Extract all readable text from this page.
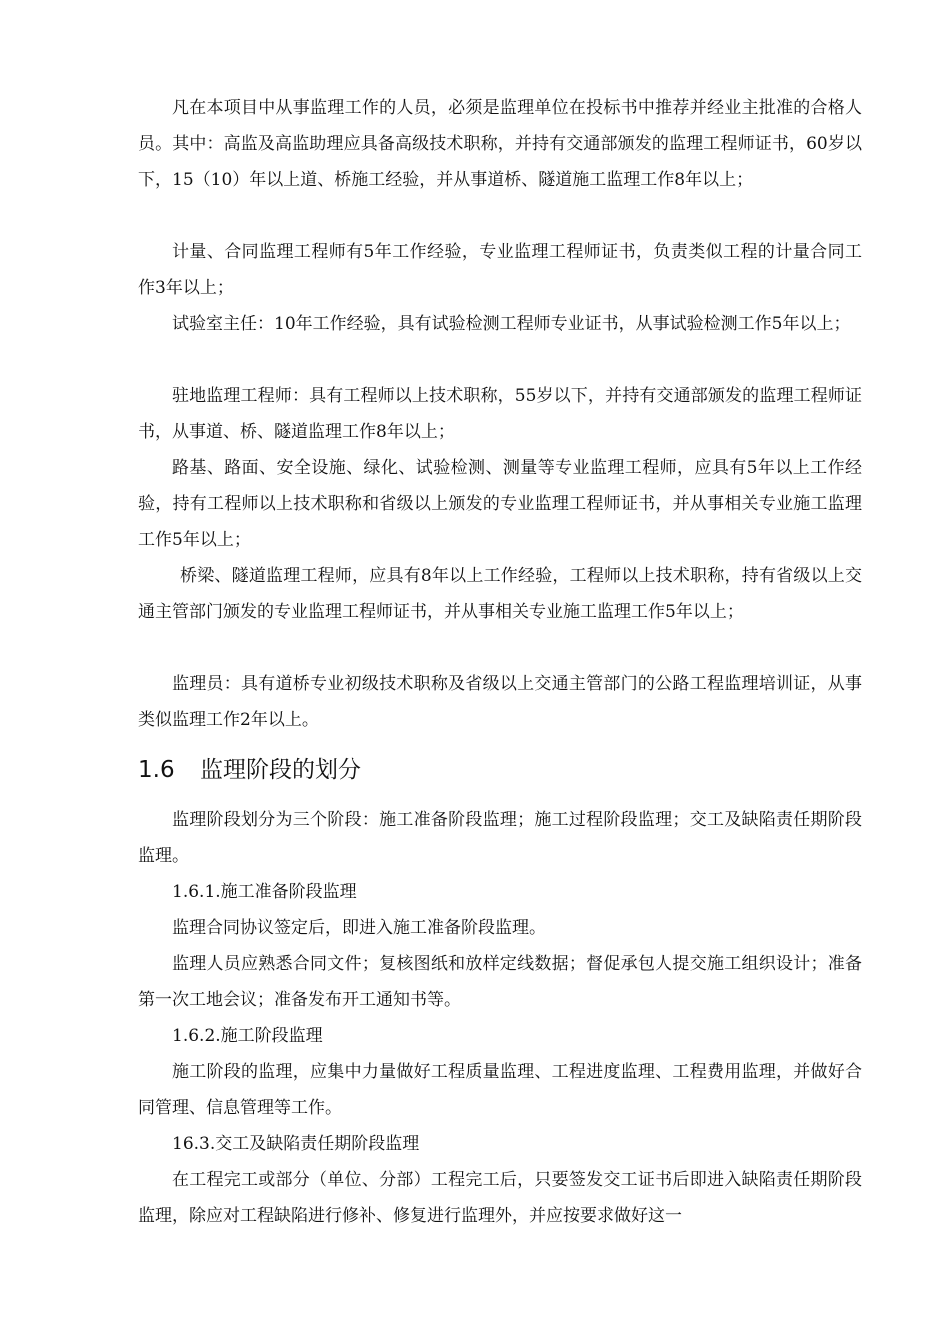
凡在本项目中从事监理工作的人员，必须是监理单位在投标书中推荐并经业主批准的合格人员。其中：高监及高监助理应具备高级技术职称，并持有交通部颁发的监理工程师证书，60岁以下，15（10）年以上道、桥施工经验，并从事道桥、隧道施工监理工作8年以上；

计量、合同监理工程师有5年工作经验，专业监理工程师证书，负责类似工程的计量合同工作3年以上；

试验室主任：10年工作经验，具有试验检测工程师专业证书，从事试验检测工作5年以上；

驻地监理工程师：具有工程师以上技术职称，55岁以下，并持有交通部颁发的监理工程师证书，从事道、桥、隧道监理工作8年以上；

路基、路面、安全设施、绿化、试验检测、测量等专业监理工程师，应具有5年以上工作经验，持有工程师以上技术职称和省级以上颁发的专业监理工程师证书，并从事相关专业施工监理工作5年以上；

桥梁、隧道监理工程师，应具有8年以上工作经验，工程师以上技术职称，持有省级以上交通主管部门颁发的专业监理工程师证书，并从事相关专业施工监理工作5年以上；

监理员：具有道桥专业初级技术职称及省级以上交通主管部门的公路工程监理培训证，从事类似监理工作2年以上。

1.6 监理阶段的划分

监理阶段划分为三个阶段：施工准备阶段监理；施工过程阶段监理；交工及缺陷责任期阶段监理。

1.6.1.施工准备阶段监理

监理合同协议签定后，即进入施工准备阶段监理。

监理人员应熟悉合同文件；复核图纸和放样定线数据；督促承包人提交施工组织设计；准备第一次工地会议；准备发布开工通知书等。

1.6.2.施工阶段监理

施工阶段的监理，应集中力量做好工程质量监理、工程进度监理、工程费用监理，并做好合同管理、信息管理等工作。

16.3.交工及缺陷责任期阶段监理

在工程完工或部分（单位、分部）工程完工后，只要签发交工证书后即进入缺陷责任期阶段监理，除应对工程缺陷进行修补、修复进行监理外，并应按要求做好这一
